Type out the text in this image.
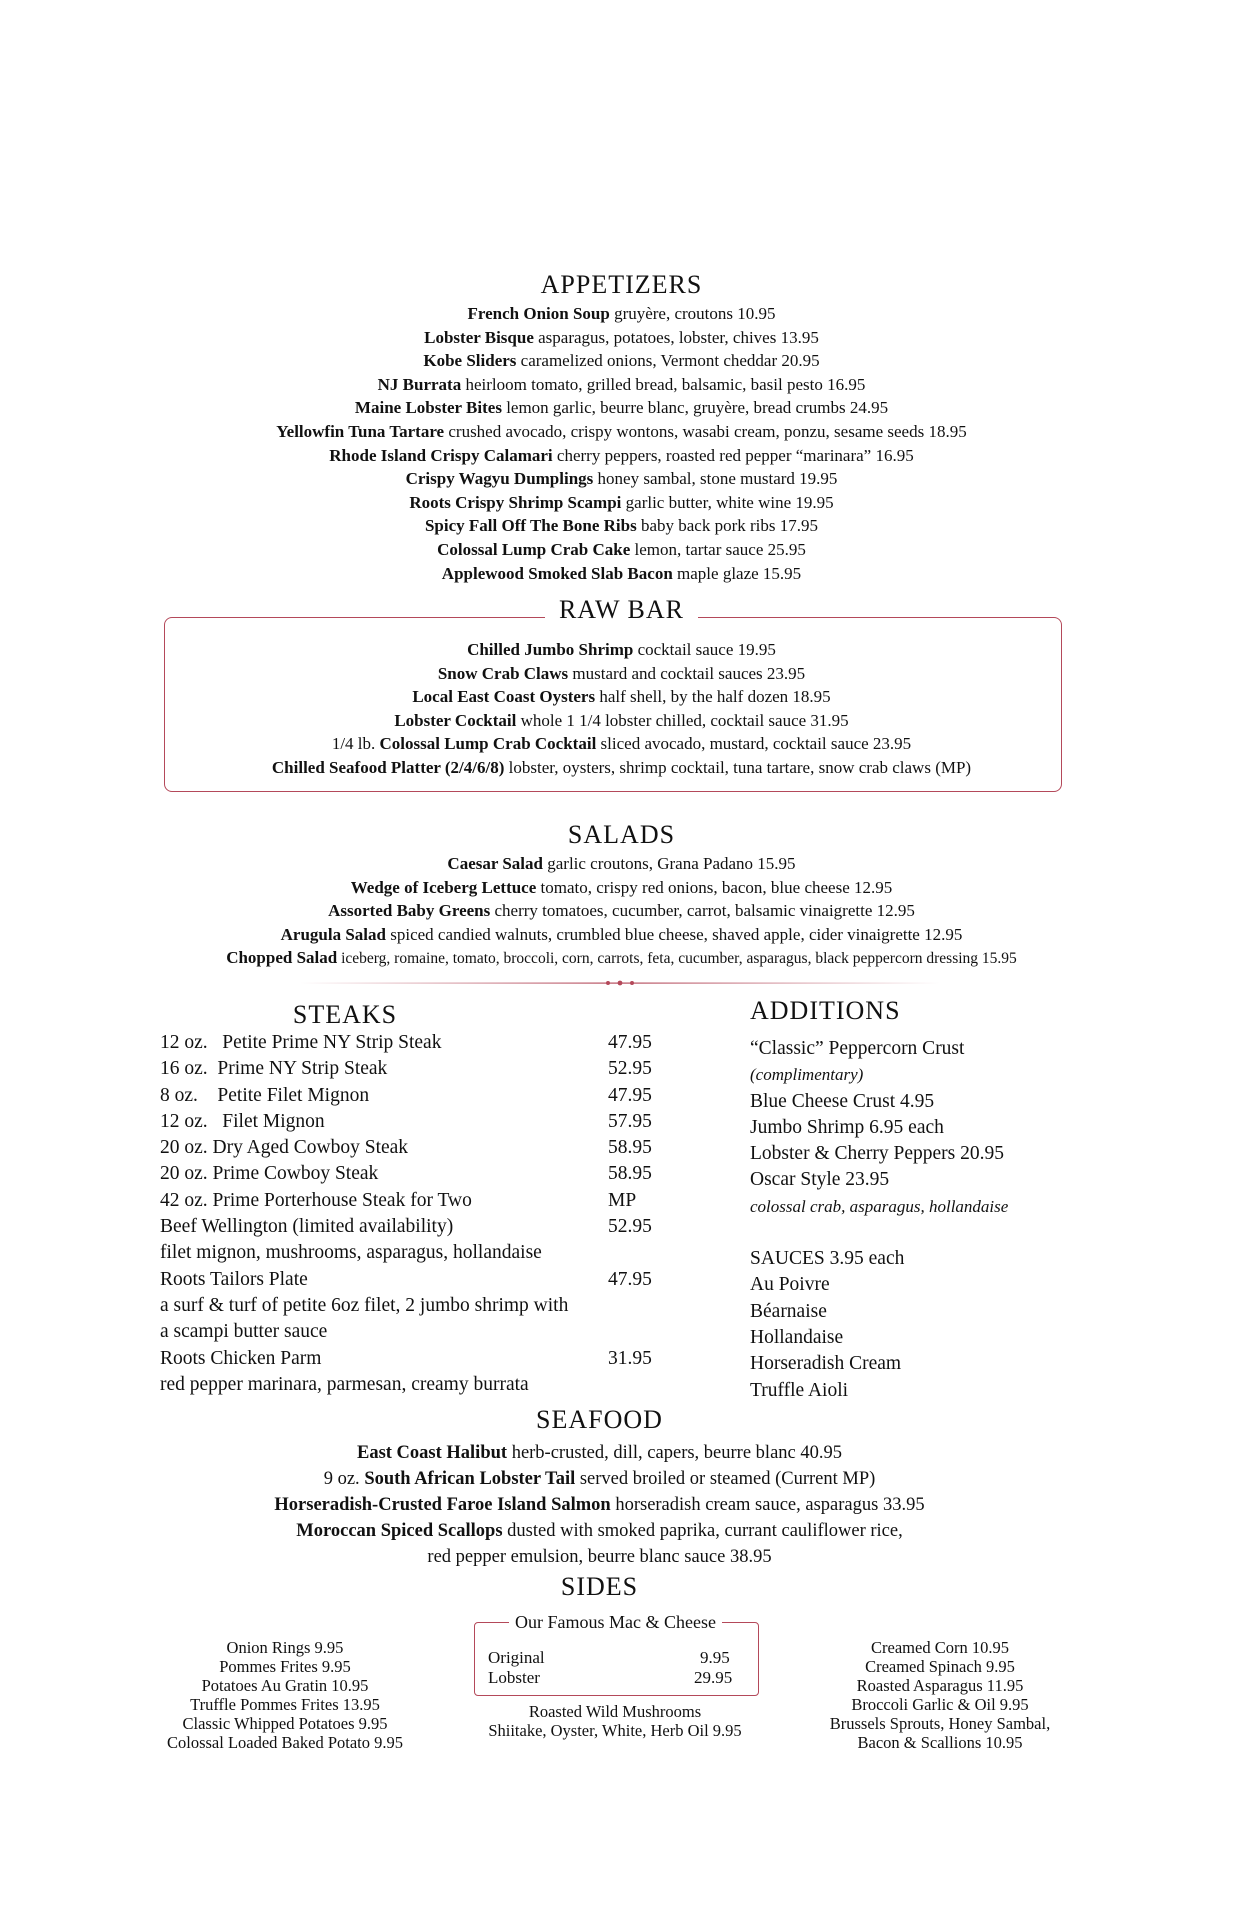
APPETIZERS
French Onion Soup gruyère, croutons 10.95
Lobster Bisque asparagus, potatoes, lobster, chives 13.95
Kobe Sliders caramelized onions, Vermont cheddar 20.95
NJ Burrata heirloom tomato, grilled bread, balsamic, basil pesto 16.95
Maine Lobster Bites lemon garlic, beurre blanc, gruyère, bread crumbs 24.95
Yellowfin Tuna Tartare crushed avocado, crispy wontons, wasabi cream, ponzu, sesame seeds 18.95
Rhode Island Crispy Calamari cherry peppers, roasted red pepper “marinara” 16.95
Crispy Wagyu Dumplings honey sambal, stone mustard 19.95
Roots Crispy Shrimp Scampi garlic butter, white wine 19.95
Spicy Fall Off The Bone Ribs baby back pork ribs 17.95
Colossal Lump Crab Cake lemon, tartar sauce 25.95
Applewood Smoked Slab Bacon maple glaze 15.95
RAW BAR
Chilled Jumbo Shrimp cocktail sauce 19.95
Snow Crab Claws mustard and cocktail sauces 23.95
Local East Coast Oysters half shell, by the half dozen 18.95
Lobster Cocktail whole 1 1/4 lobster chilled, cocktail sauce 31.95
1/4 lb. Colossal Lump Crab Cocktail sliced avocado, mustard, cocktail sauce 23.95
Chilled Seafood Platter (2/4/6/8) lobster, oysters, shrimp cocktail, tuna tartare, snow crab claws (MP)
SALADS
Caesar Salad garlic croutons, Grana Padano 15.95
Wedge of Iceberg Lettuce tomato, crispy red onions, bacon, blue cheese 12.95
Assorted Baby Greens cherry tomatoes, cucumber, carrot, balsamic vinaigrette 12.95
Arugula Salad spiced candied walnuts, crumbled blue cheese, shaved apple, cider vinaigrette 12.95
Chopped Salad iceberg, romaine, tomato, broccoli, corn, carrots, feta, cucumber, asparagus, black peppercorn dressing 15.95
STEAKS
12 oz.   Petite Prime NY Strip Steak	47.95
16 oz.  Prime NY Strip Steak	52.95
8 oz.    Petite Filet Mignon	47.95
12 oz.   Filet Mignon	57.95
20 oz. Dry Aged Cowboy Steak	58.95
20 oz. Prime Cowboy Steak	58.95
42 oz. Prime Porterhouse Steak for Two	MP
Beef Wellington (limited availability)	52.95
filet mignon, mushrooms, asparagus, hollandaise
Roots Tailors Plate	47.95
a surf & turf of petite 6oz filet, 2 jumbo shrimp with
a scampi butter sauce
Roots Chicken Parm	31.95
red pepper marinara, parmesan, creamy burrata
ADDITIONS
“Classic” Peppercorn Crust
(complimentary)
Blue Cheese Crust 4.95
Jumbo Shrimp 6.95 each
Lobster & Cherry Peppers 20.95
Oscar Style 23.95
colossal crab, asparagus, hollandaise
SAUCES 3.95 each
Au Poivre
Béarnaise
Hollandaise
Horseradish Cream
Truffle Aioli
SEAFOOD
East Coast Halibut herb-crusted, dill, capers, beurre blanc 40.95
9 oz. South African Lobster Tail served broiled or steamed (Current MP)
Horseradish-Crusted Faroe Island Salmon horseradish cream sauce, asparagus 33.95
Moroccan Spiced Scallops dusted with smoked paprika, currant cauliflower rice,
red pepper emulsion, beurre blanc sauce 38.95
SIDES
Onion Rings 9.95
Pommes Frites 9.95
Potatoes Au Gratin 10.95
Truffle Pommes Frites 13.95
Classic Whipped Potatoes 9.95
Colossal Loaded Baked Potato 9.95
Our Famous Mac & Cheese
Original	9.95
Lobster	29.95
Roasted Wild Mushrooms
Shiitake, Oyster, White, Herb Oil 9.95
Creamed Corn 10.95
Creamed Spinach 9.95
Roasted Asparagus 11.95
Broccoli Garlic & Oil 9.95
Brussels Sprouts, Honey Sambal,
Bacon & Scallions 10.95
